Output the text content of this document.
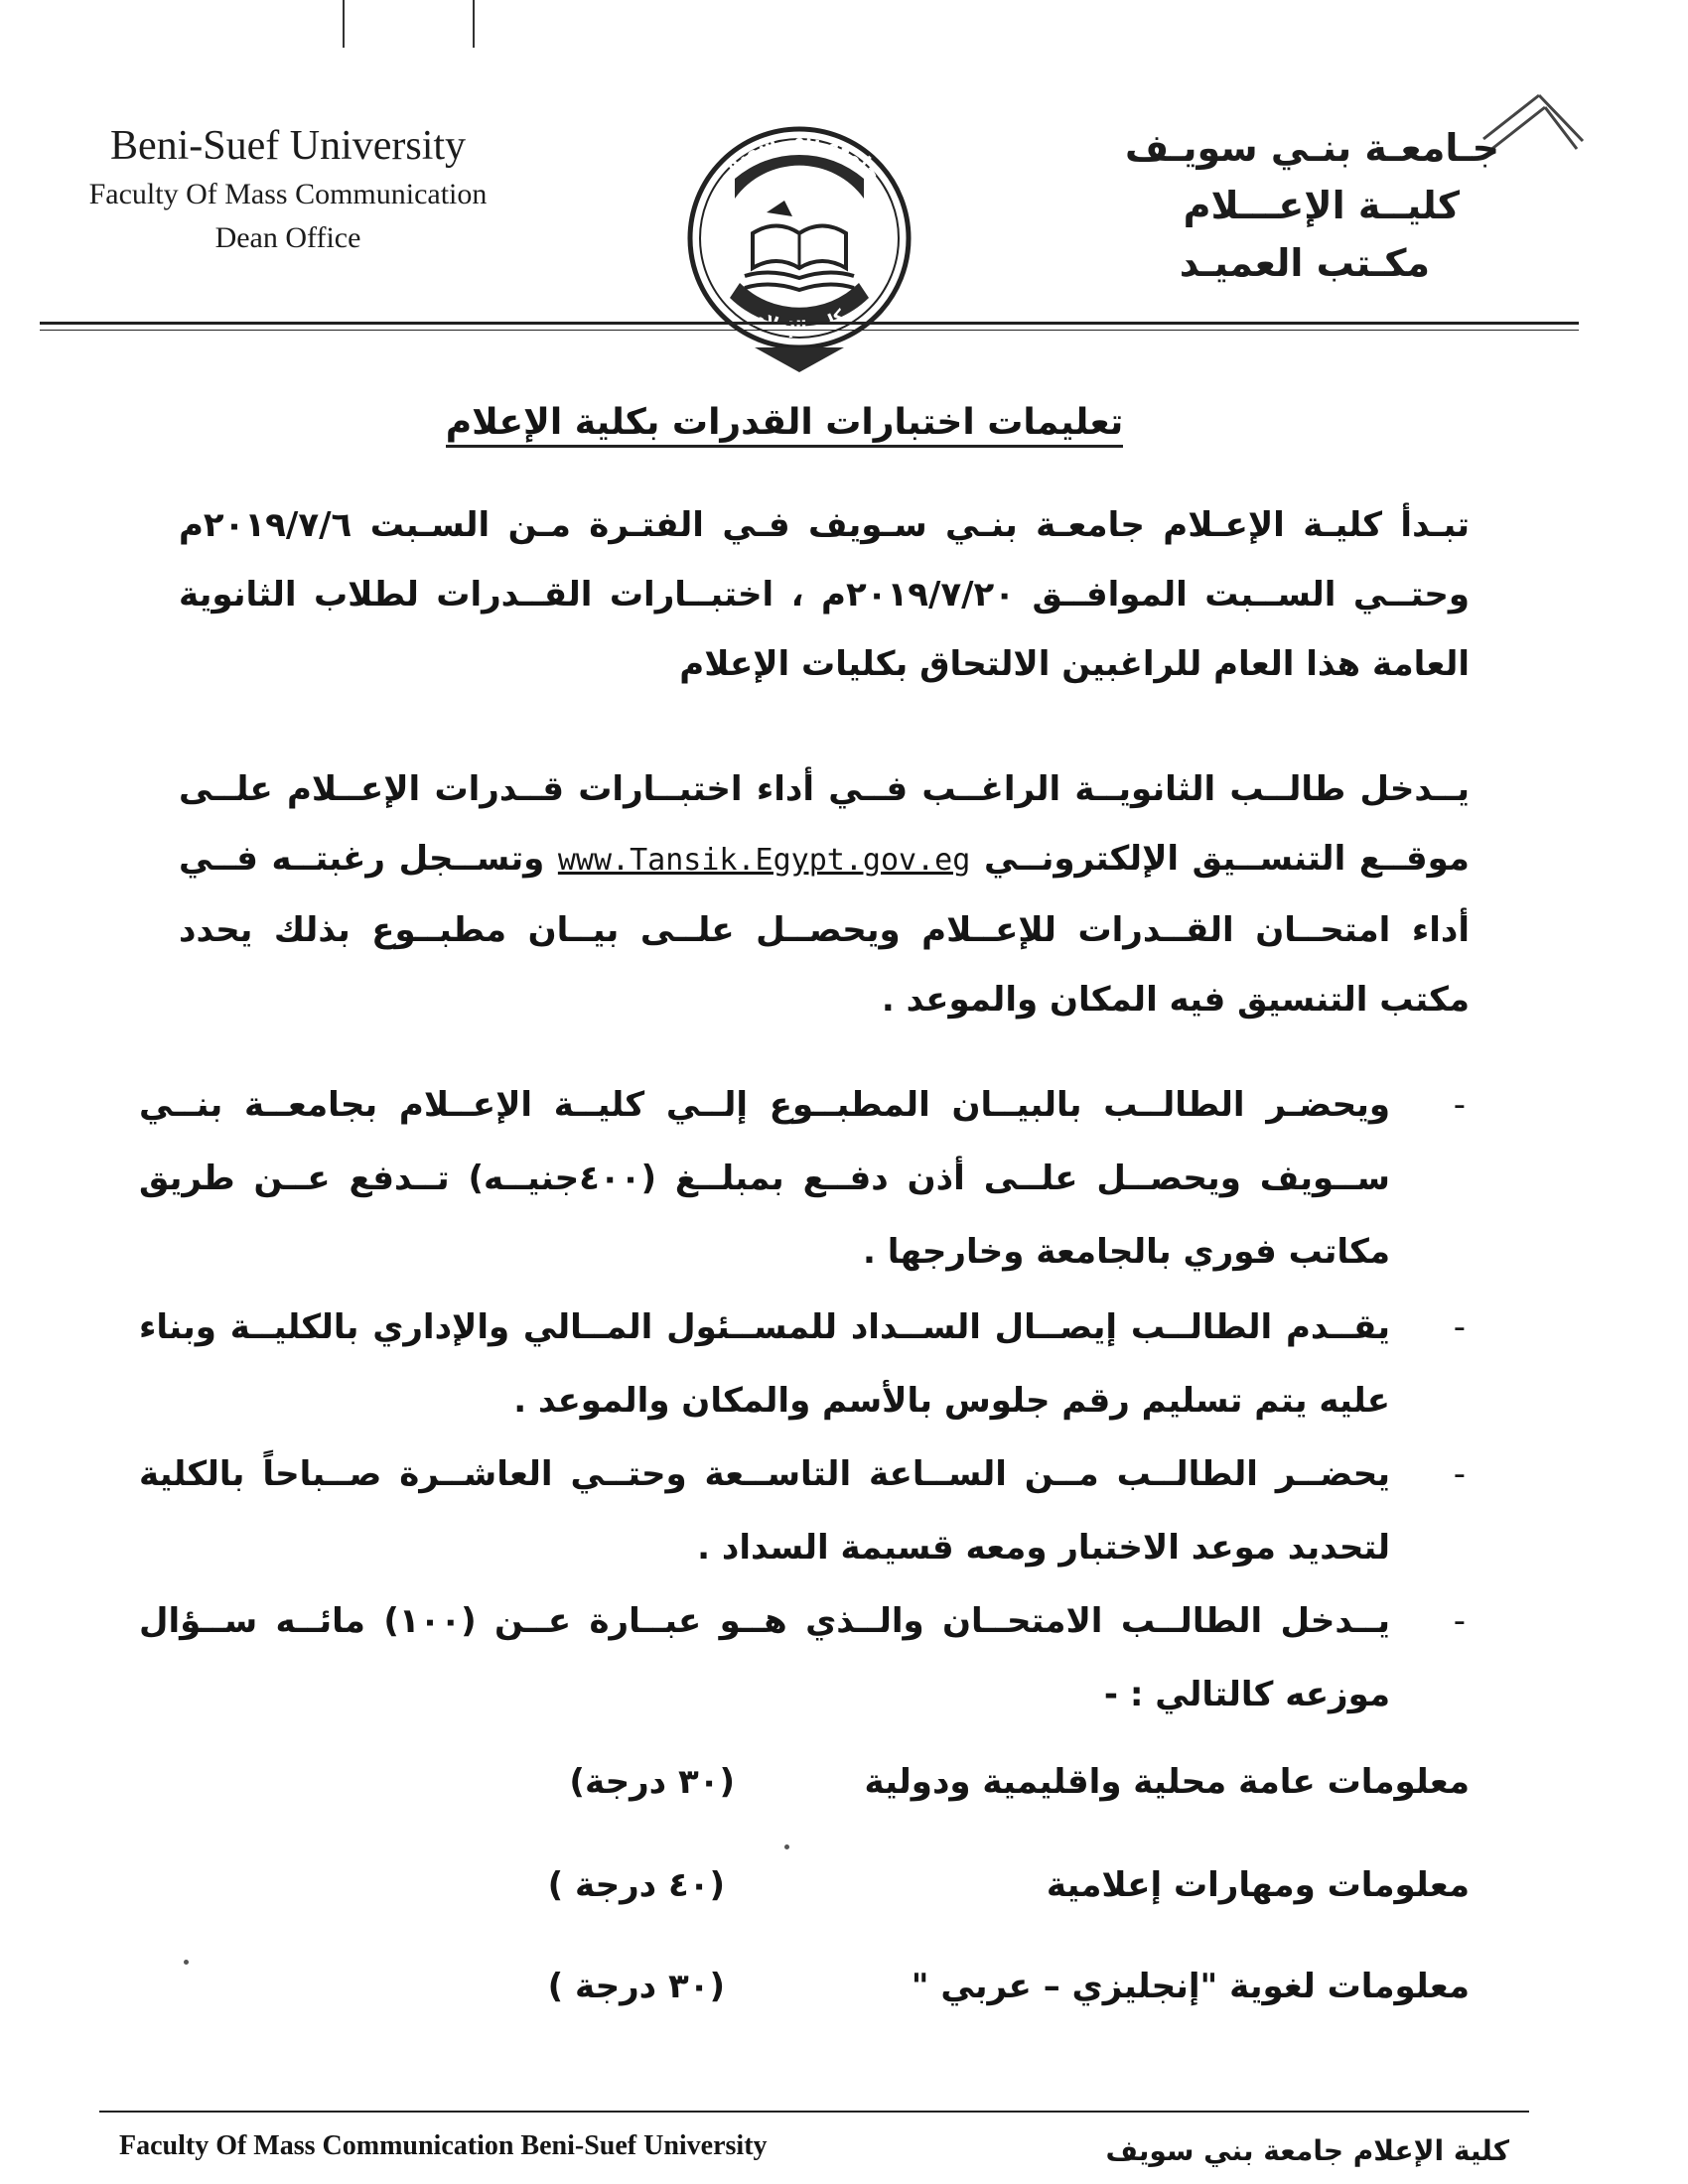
Beni-Suef University
Faculty Of Mass Communication
Dean Office
جامعة بني سويف
كلية الإعلام
جـامعـة بنـي سويـف
كليــة الإعـــلام
مكـتب العميـد
تعليمات اختبارات القدرات بكلية الإعلام
تبـدأ كليـة الإعـلام جامعـة بنـي سـويف فـي الفتـرة مـن السـبت ٢٠١٩/٧/٦م وحتــي الســبت الموافــق ٢٠١٩/٧/٢٠م ، اختبــارات القــدرات لطلاب الثانوية العامة هذا العام للراغبين الالتحاق بكليات الإعلام
يــدخل طالــب الثانويــة الراغــب فــي أداء اختبــارات قــدرات الإعــلام علــى موقــع التنســيق الإلكترونــي www.Tansik.Egypt.gov.eg وتســجل رغبتــه فــي أداء امتحــان القــدرات للإعــلام ويحصــل علــى بيــان مطبــوع بذلك يحدد مكتب التنسيق فيه المكان والموعد .
-
ويحضـر الطالــب بالبيــان المطبــوع إلــي كليــة الإعــلام بجامعــة بنــي ســويف ويحصــل علــى أذن دفــع بمبلــغ (٤٠٠جنيــه) تــدفع عــن طريق مكاتب فوري بالجامعة وخارجها .
-
يقــدم الطالــب إيصــال الســداد للمســئول المــالي والإداري بالكليــة وبناء عليه يتم تسليم رقم جلوس بالأسم والمكان والموعد .
-
يحضــر الطالــب مــن الســاعة التاســعة وحتــي العاشــرة صــباحاً بالكلية لتحديد موعد الاختبار ومعه قسيمة السداد .
-
يــدخل الطالــب الامتحــان والــذي هــو عبــارة عــن (١٠٠) مائــه ســؤال موزعه كالتالي : -
معلومات عامة محلية واقليمية ودولية
(٣٠ درجة)
معلومات ومهارات إعلامية
(٤٠ درجة )
معلومات لغوية "إنجليزي – عربي "
(٣٠ درجة )
Faculty Of Mass Communication Beni-Suef University	كلية الإعلام جامعة بني سويف
